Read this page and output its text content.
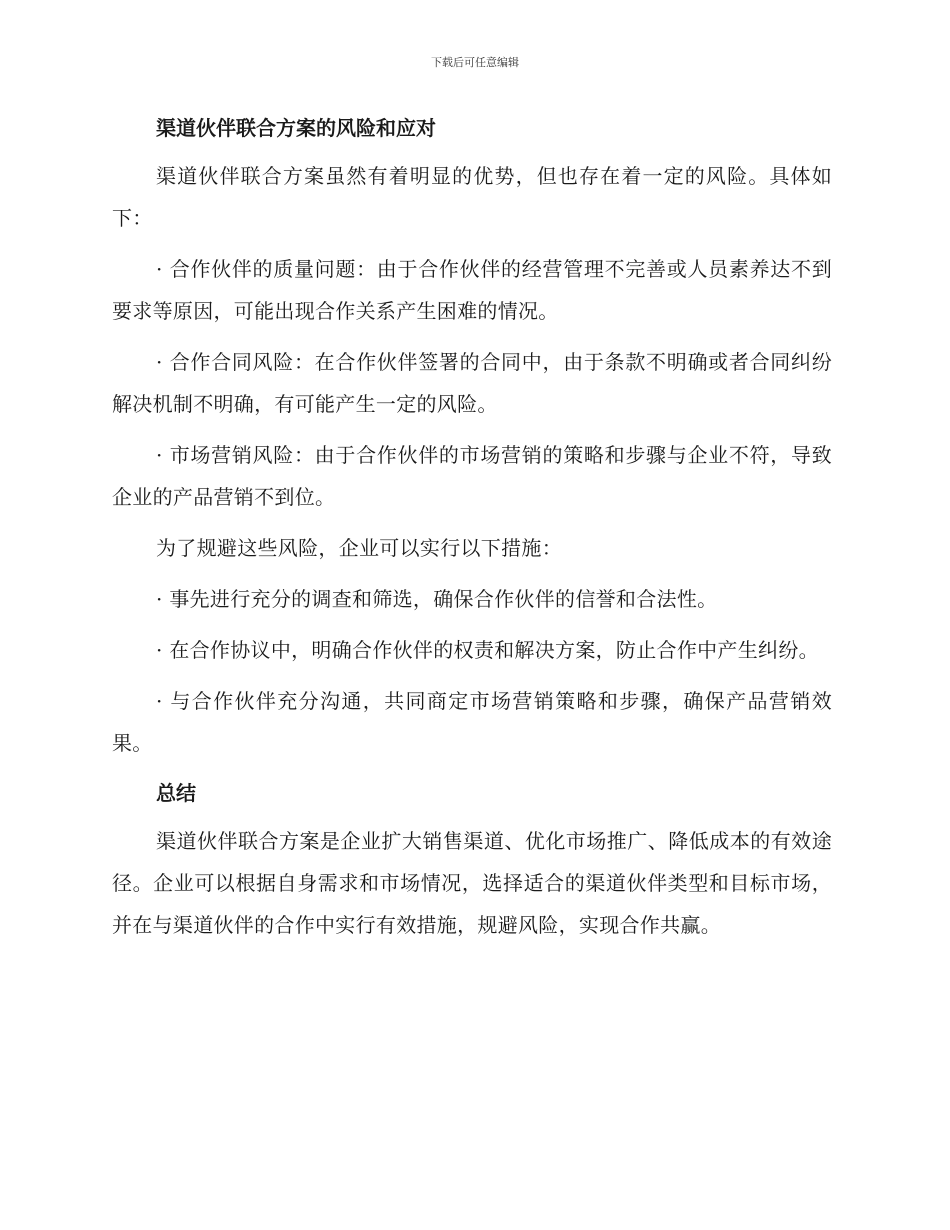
下载后可任意编辑

渠道伙伴联合方案的风险和应对

渠道伙伴联合方案虽然有着明显的优势，但也存在着一定的风险。具体如下：

· 合作伙伴的质量问题：由于合作伙伴的经营管理不完善或人员素养达不到要求等原因，可能出现合作关系产生困难的情况。

· 合作合同风险：在合作伙伴签署的合同中，由于条款不明确或者合同纠纷解决机制不明确，有可能产生一定的风险。

· 市场营销风险：由于合作伙伴的市场营销的策略和步骤与企业不符，导致企业的产品营销不到位。

为了规避这些风险，企业可以实行以下措施：

· 事先进行充分的调查和筛选，确保合作伙伴的信誉和合法性。

· 在合作协议中，明确合作伙伴的权责和解决方案，防止合作中产生纠纷。

· 与合作伙伴充分沟通，共同商定市场营销策略和步骤，确保产品营销效果。

总结

渠道伙伴联合方案是企业扩大销售渠道、优化市场推广、降低成本的有效途径。企业可以根据自身需求和市场情况，选择适合的渠道伙伴类型和目标市场，并在与渠道伙伴的合作中实行有效措施，规避风险，实现合作共赢。
